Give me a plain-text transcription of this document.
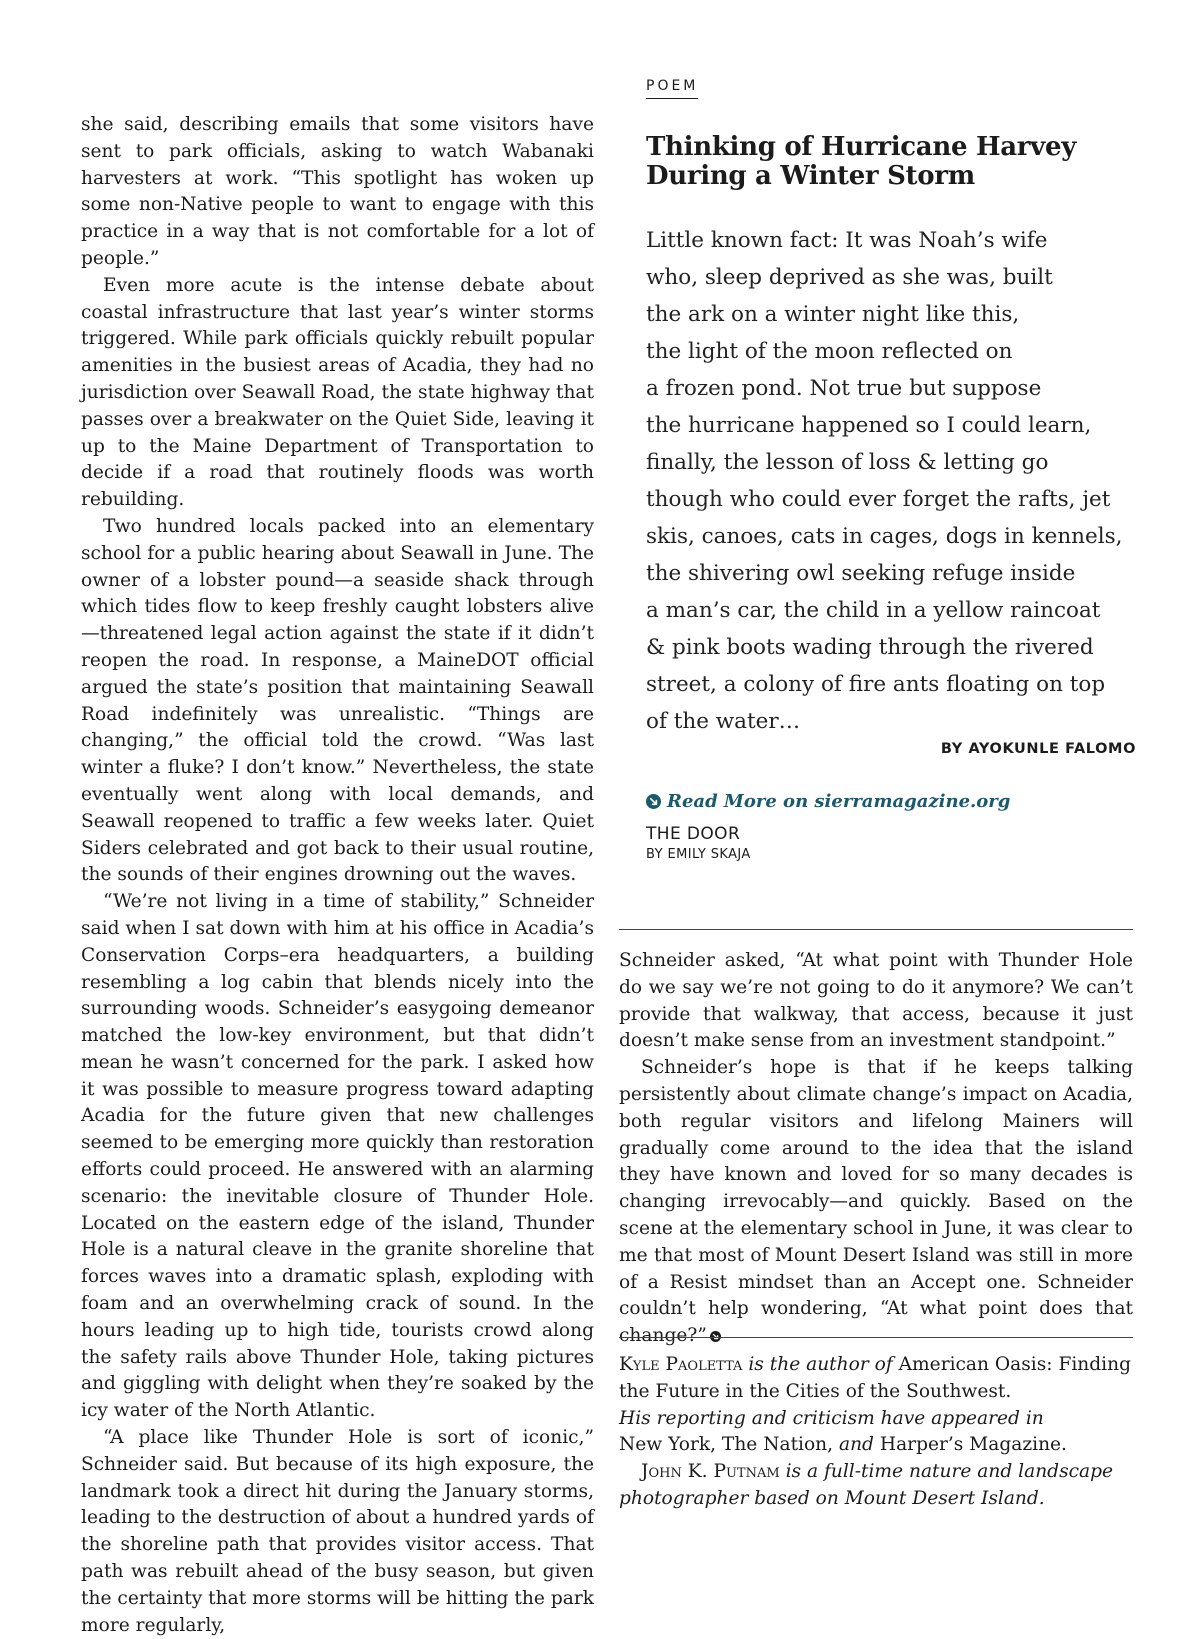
she said, describing emails that some visitors have sent to park officials, asking to watch Wabanaki harvesters at work. “This spotlight has woken up some non-Native people to want to engage with this practice in a way that is not comfortable for a lot of people.”

Even more acute is the intense debate about coastal infrastructure that last year’s winter storms triggered. While park officials quickly rebuilt popular amenities in the busiest areas of Acadia, they had no jurisdiction over Seawall Road, the state highway that passes over a breakwater on the Quiet Side, leaving it up to the Maine Department of Transportation to decide if a road that routinely floods was worth rebuilding.

Two hundred locals packed into an elementary school for a public hearing about Seawall in June. The owner of a lobster pound—a seaside shack through which tides flow to keep freshly caught lobsters alive—threatened legal action against the state if it didn’t reopen the road. In response, a MaineDOT official argued the state’s position that maintaining Seawall Road indefinitely was unrealistic. “Things are changing,” the official told the crowd. “Was last winter a fluke? I don’t know.” Nevertheless, the state eventually went along with local demands, and Seawall reopened to traffic a few weeks later. Quiet Siders celebrated and got back to their usual routine, the sounds of their engines drowning out the waves.

“We’re not living in a time of stability,” Schneider said when I sat down with him at his office in Acadia’s Conservation Corps–era headquarters, a building resembling a log cabin that blends nicely into the surrounding woods. Schneider’s easygoing demeanor matched the low-key environment, but that didn’t mean he wasn’t concerned for the park. I asked how it was possible to measure progress toward adapting Acadia for the future given that new challenges seemed to be emerging more quickly than restoration efforts could proceed. He answered with an alarming scenario: the inevitable closure of Thunder Hole. Located on the eastern edge of the island, Thunder Hole is a natural cleave in the granite shoreline that forces waves into a dramatic splash, exploding with foam and an overwhelming crack of sound. In the hours leading up to high tide, tourists crowd along the safety rails above Thunder Hole, taking pictures and giggling with delight when they’re soaked by the icy water of the North Atlantic.

“A place like Thunder Hole is sort of iconic,” Schneider said. But because of its high exposure, the landmark took a direct hit during the January storms, leading to the destruction of about a hundred yards of the shoreline path that provides visitor access. That path was rebuilt ahead of the busy season, but given the certainty that more storms will be hitting the park more regularly,

POEM
Thinking of Hurricane Harvey
During a Winter Storm
Little known fact: It was Noah’s wife
who, sleep deprived as she was, built
the ark on a winter night like this,
the light of the moon reflected on
a frozen pond. Not true but suppose
the hurricane happened so I could learn,
finally, the lesson of loss & letting go
though who could ever forget the rafts, jet
skis, canoes, cats in cages, dogs in kennels,
the shivering owl seeking refuge inside
a man’s car, the child in a yellow raincoat
& pink boots wading through the rivered
street, a colony of fire ants floating on top
of the water…
BY AYOKUNLE FALOMO
Read More on sierramagazine.org
THE DOOR
BY EMILY SKAJA

Schneider asked, “At what point with Thunder Hole do we say we’re not going to do it anymore? We can’t provide that walkway, that access, because it just doesn’t make sense from an investment standpoint.”

Schneider’s hope is that if he keeps talking persistently about climate change’s impact on Acadia, both regular visitors and lifelong Mainers will gradually come around to the idea that the island they have known and loved for so many decades is changing irrevocably—and quickly. Based on the scene at the elementary school in June, it was clear to me that most of Mount Desert Island was still in more of a Resist mindset than an Accept one. Schneider couldn’t help wondering, “At what point does that change?”

Kyle Paoletta is the author of American Oasis: Finding the Future in the Cities of the Southwest.
His reporting and criticism have appeared in
New York, The Nation, and Harper’s Magazine.

John K. Putnam is a full-time nature and landscape photographer based on Mount Desert Island.
